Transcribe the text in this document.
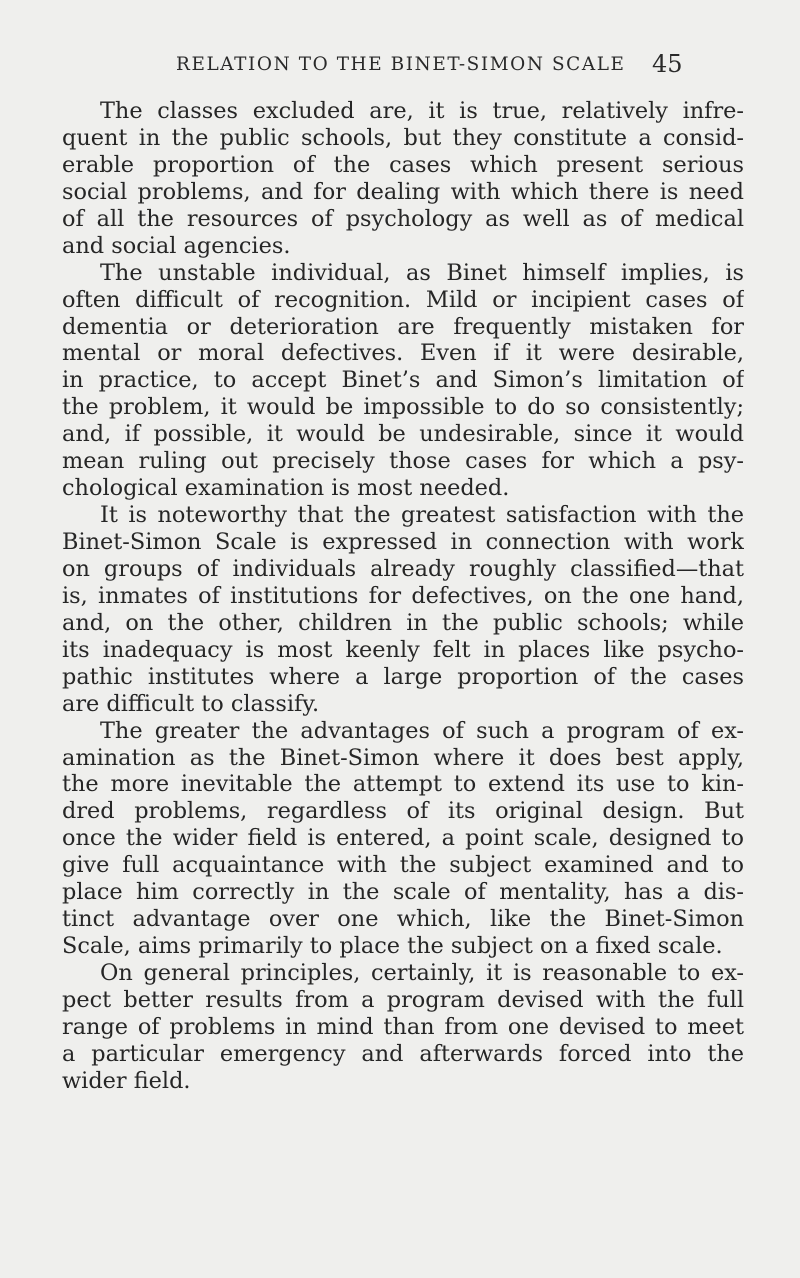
RELATION TO THE BINET-SIMON SCALE 45
The classes excluded are, it is true, relatively infre-
quent in the public schools, but they constitute a consid-
erable proportion of the cases which present serious
social problems, and for dealing with which there is need
of all the resources of psychology as well as of medical
and social agencies.
The unstable individual, as Binet himself implies, is
often difficult of recognition. Mild or incipient cases of
dementia or deterioration are frequently mistaken for
mental or moral defectives. Even if it were desirable,
in practice, to accept Binet’s and Simon’s limitation of
the problem, it would be impossible to do so consistently;
and, if possible, it would be undesirable, since it would
mean ruling out precisely those cases for which a psy-
chological examination is most needed.
It is noteworthy that the greatest satisfaction with the
Binet-Simon Scale is expressed in connection with work
on groups of individuals already roughly classified—that
is, inmates of institutions for defectives, on the one hand,
and, on the other, children in the public schools; while
its inadequacy is most keenly felt in places like psycho-
pathic institutes where a large proportion of the cases
are difficult to classify.
The greater the advantages of such a program of ex-
amination as the Binet-Simon where it does best apply,
the more inevitable the attempt to extend its use to kin-
dred problems, regardless of its original design. But
once the wider field is entered, a point scale, designed to
give full acquaintance with the subject examined and to
place him correctly in the scale of mentality, has a dis-
tinct advantage over one which, like the Binet-Simon
Scale, aims primarily to place the subject on a fixed scale.
On general principles, certainly, it is reasonable to ex-
pect better results from a program devised with the full
range of problems in mind than from one devised to meet
a particular emergency and afterwards forced into the
wider field.
